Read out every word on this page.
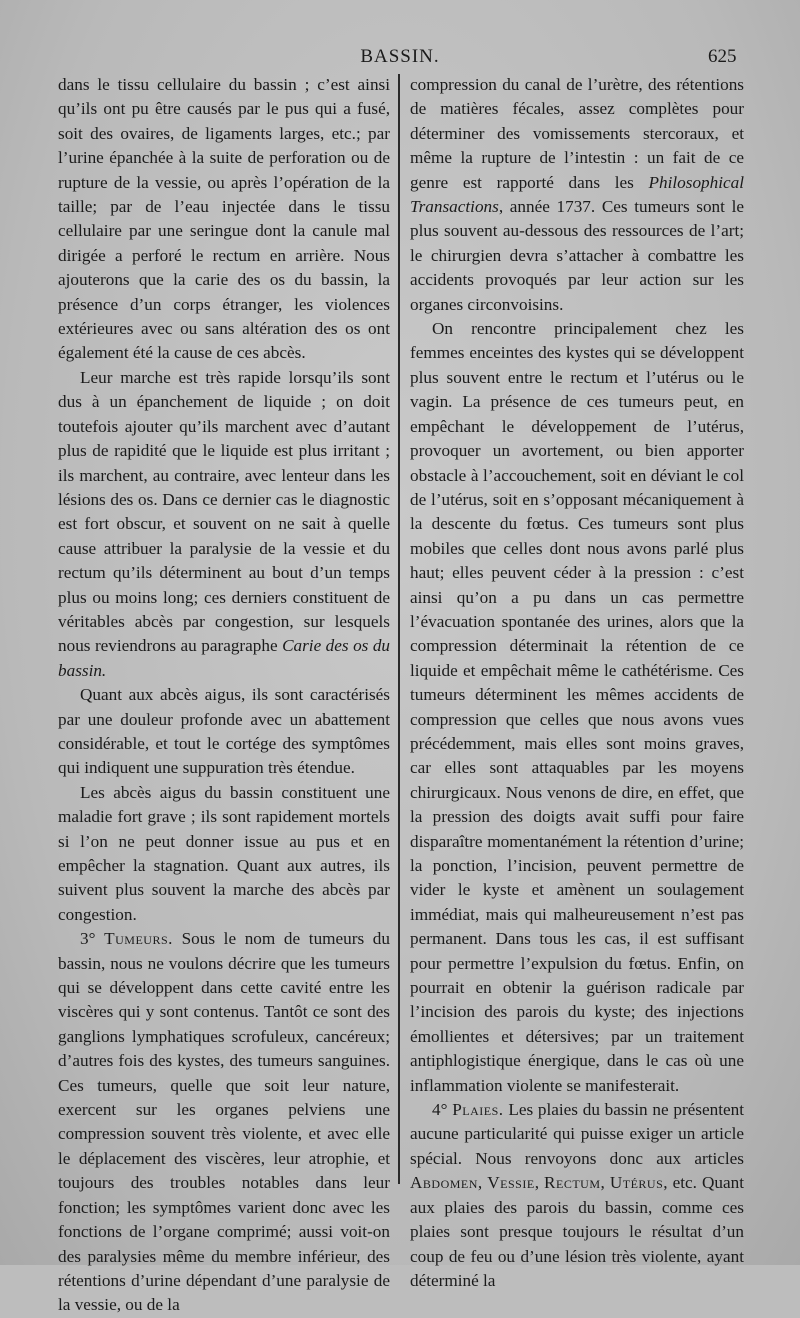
BASSIN.	625

dans le tissu cellulaire du bassin ; c’est ainsi qu’ils ont pu être causés par le pus qui a fusé, soit des ovaires, de ligaments larges, etc.; par l’urine épanchée à la suite de perforation ou de rupture de la vessie, ou après l’opération de la taille; par de l’eau injectée dans le tissu cellulaire par une seringue dont la canule mal dirigée a perforé le rectum en arrière. Nous ajouterons que la carie des os du bassin, la présence d’un corps étranger, les violences extérieures avec ou sans altération des os ont également été la cause de ces abcès.

Leur marche est très rapide lorsqu’ils sont dus à un épanchement de liquide ; on doit toutefois ajouter qu’ils marchent avec d’autant plus de rapidité que le liquide est plus irritant ; ils marchent, au contraire, avec lenteur dans les lésions des os. Dans ce dernier cas le diagnostic est fort obscur, et souvent on ne sait à quelle cause attribuer la paralysie de la vessie et du rectum qu’ils déterminent au bout d’un temps plus ou moins long; ces derniers constituent de véritables abcès par congestion, sur lesquels nous reviendrons au paragraphe Carie des os du bassin.

Quant aux abcès aigus, ils sont caractérisés par une douleur profonde avec un abattement considérable, et tout le cortége des symptômes qui indiquent une suppuration très étendue.

Les abcès aigus du bassin constituent une maladie fort grave ; ils sont rapidement mortels si l’on ne peut donner issue au pus et en empêcher la stagnation. Quant aux autres, ils suivent plus souvent la marche des abcès par congestion.

3° Tumeurs. Sous le nom de tumeurs du bassin, nous ne voulons décrire que les tumeurs qui se développent dans cette cavité entre les viscères qui y sont contenus. Tantôt ce sont des ganglions lymphatiques scrofuleux, cancéreux; d’autres fois des kystes, des tumeurs sanguines. Ces tumeurs, quelle que soit leur nature, exercent sur les organes pelviens une compression souvent très violente, et avec elle le déplacement des viscères, leur atrophie, et toujours des troubles notables dans leur fonction; les symptômes varient donc avec les fonctions de l’organe comprimé; aussi voit-on des paralysies même du membre inférieur, des rétentions d’urine dépendant d’une paralysie de la vessie, ou de la

compression du canal de l’urètre, des rétentions de matières fécales, assez complètes pour déterminer des vomissements stercoraux, et même la rupture de l’intestin : un fait de ce genre est rapporté dans les Philosophical Transactions, année 1737. Ces tumeurs sont le plus souvent au-dessous des ressources de l’art; le chirurgien devra s’attacher à combattre les accidents provoqués par leur action sur les organes circonvoisins.

On rencontre principalement chez les femmes enceintes des kystes qui se développent plus souvent entre le rectum et l’utérus ou le vagin. La présence de ces tumeurs peut, en empêchant le développement de l’utérus, provoquer un avortement, ou bien apporter obstacle à l’accouchement, soit en déviant le col de l’utérus, soit en s’opposant mécaniquement à la descente du fœtus. Ces tumeurs sont plus mobiles que celles dont nous avons parlé plus haut; elles peuvent céder à la pression : c’est ainsi qu’on a pu dans un cas permettre l’évacuation spontanée des urines, alors que la compression déterminait la rétention de ce liquide et empêchait même le cathétérisme. Ces tumeurs déterminent les mêmes accidents de compression que celles que nous avons vues précédemment, mais elles sont moins graves, car elles sont attaquables par les moyens chirurgicaux. Nous venons de dire, en effet, que la pression des doigts avait suffi pour faire disparaître momentanément la rétention d’urine; la ponction, l’incision, peuvent permettre de vider le kyste et amènent un soulagement immédiat, mais qui malheureusement n’est pas permanent. Dans tous les cas, il est suffisant pour permettre l’expulsion du fœtus. Enfin, on pourrait en obtenir la guérison radicale par l’incision des parois du kyste; des injections émollientes et détersives; par un traitement antiphlogistique énergique, dans le cas où une inflammation violente se manifesterait.

4° Plaies. Les plaies du bassin ne présentent aucune particularité qui puisse exiger un article spécial. Nous renvoyons donc aux articles Abdomen, Vessie, Rectum, Utérus, etc. Quant aux plaies des parois du bassin, comme ces plaies sont presque toujours le résultat d’un coup de feu ou d’une lésion très violente, ayant déterminé la
